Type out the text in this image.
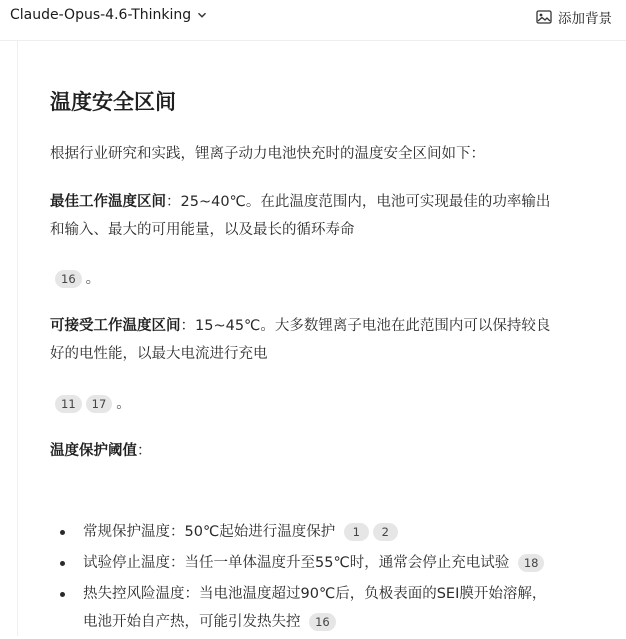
Claude-Opus-4.6-Thinking	添加背景
温度安全区间

根据行业研究和实践，锂离子动力电池快充时的温度安全区间如下：

最佳工作温度区间：25~40℃。在此温度范围内，电池可实现最佳的功率输出
和输入、最大的可用能量，以及最长的循环寿命

16 。

可接受工作温度区间：15~45℃。大多数锂离子电池在此范围内可以保持较良
好的电性能，以最大电流进行充电

11	17 。

温度保护阈值：

常规保护温度：50℃起始进行温度保护 1 2
试验停止温度：当任一单体温度升至55℃时，通常会停止充电试验 18
热失控风险温度：当电池温度超过90℃后，负极表面的SEI膜开始溶解，
电池开始自产热，可能引发热失控 16
